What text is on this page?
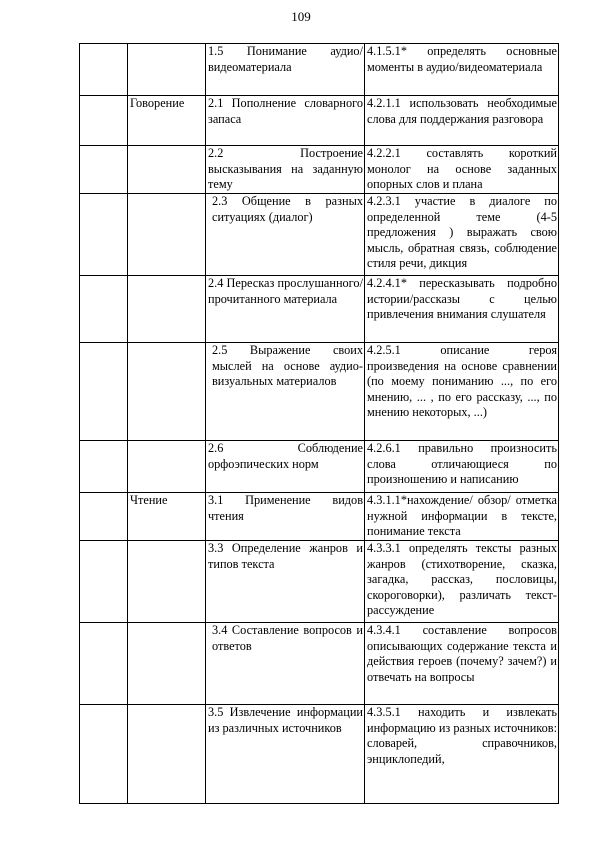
109
		1.5 Понимание аудио/видеоматериала	4.1.5.1* определять основные моменты в аудио/видеоматериала
	Говорение	2.1 Пополнение словарного запаса	4.2.1.1 использовать необходимые слова для поддержания разговора
		2.2 Построение высказывания на заданную тему	4.2.2.1 составлять короткий монолог на основе заданных опорных слов и плана
		2.3 Общение в разных ситуациях (диалог)	4.2.3.1 участие в диалоге по определенной теме (4-5 предложения ) выражать свою мысль, обратная связь, соблюдение стиля речи, дикция
		2.4 Пересказ прослушанного/прочитанного материала	4.2.4.1* пересказывать подробно истории/рассказы с целью привлечения внимания слушателя
		2.5 Выражение своих мыслей на основе аудио-визуальных материалов	4.2.5.1 описание героя произведения на основе сравнении (по моему пониманию ..., по его мнению, ... , по его рассказу, ..., по мнению некоторых, ...)
		2.6 Соблюдение орфоэпических норм	4.2.6.1 правильно произносить слова отличающиеся по произношению и написанию
	Чтение	3.1 Применение видов чтения	4.3.1.1*нахождение/ обзор/ отметка нужной информации в тексте, понимание текста
		3.3 Определение жанров и типов текста	4.3.3.1 определять тексты разных жанров (стихотворение, сказка, загадка, рассказ, пословицы, скороговорки), различать текст-рассуждение
		3.4 Составление вопросов и ответов	4.3.4.1 составление вопросов описывающих содержание текста и действия героев (почему? зачем?) и отвечать на вопросы
		3.5 Извлечение информации из различных источников	4.3.5.1 находить и извлекать информацию из разных источников: словарей, справочников, энциклопедий,
